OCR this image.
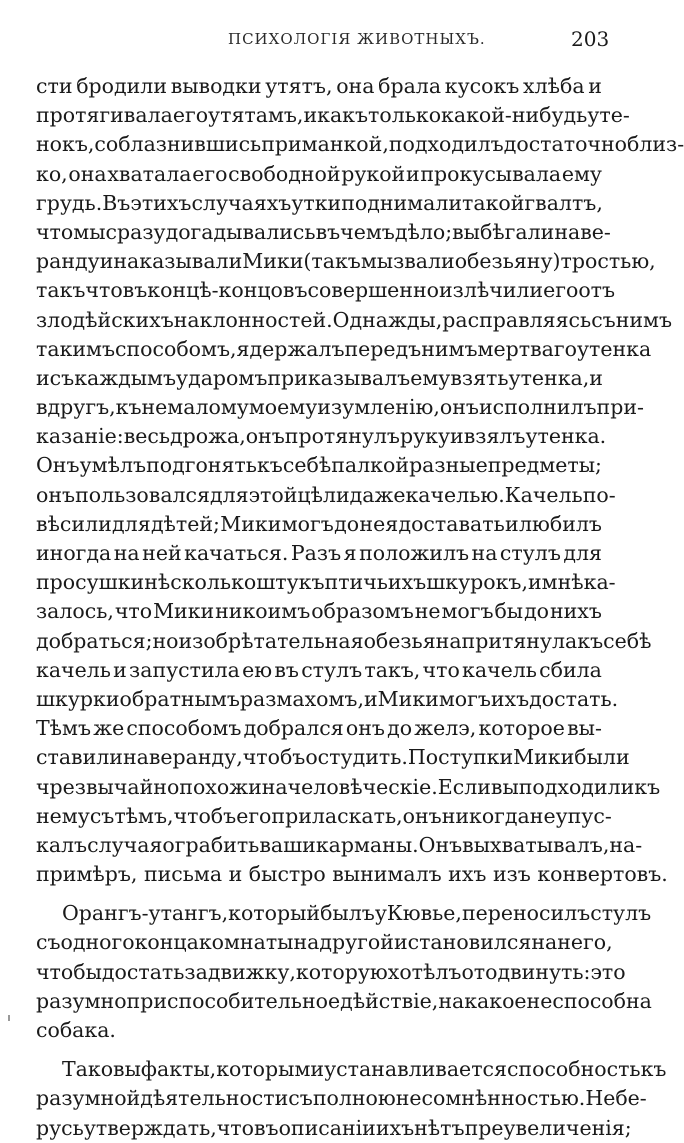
ПСИХОЛОГІЯ ЖИВОТНЫХЪ.	203
сти бродили выводки утятъ, она брала кусокъ хлѣба и
протягивала его утятамъ, и какъ только какой-нибудь уте-
нокъ, соблазнившись приманкой, подходилъ достаточно близ-
ко, она хватала его свободной рукой и прокусывала ему
грудь. Въ этихъ случаяхъ утки поднимали такой гвалтъ,
что мы сразу догадывались въ чемъ дѣло; выбѣгали на ве-
ранду и наказывали Мики (такъ мы звали обезьяну) тростью,
такъ что въ концѣ-концовъ совершенно излѣчили его отъ
злодѣйскихъ наклонностей. Однажды, расправляясь съ нимъ
такимъ способомъ, я держалъ передъ нимъ мертваго утенка
и съ каждымъ ударомъ приказывалъ ему взять утенка, и
вдругъ, къ немалому моему изумленію, онъ исполнилъ при-
казаніе: весь дрожа, онъ протянулъ руку и взялъ утенка.
Онъ умѣлъ подгонять къ себѣ палкой разные предметы;
онъ пользовался для этой цѣли даже качелью. Качель по-
вѣсили для дѣтей; Мики могъ до нея доставать и любилъ
иногда на ней качаться. Разъ я положилъ на стулъ для
просушки нѣсколько штукъ птичьихъ шкурокъ, и мнѣ ка-
залось, что Мики никоимъ образомъ не могъ бы до нихъ
добраться; но изобрѣтательная обезьяна притянула къ себѣ
качель и запустила ею въ стулъ такъ, что качель сбила
шкурки обратнымъ размахомъ, и Мики могъ ихъ достать.
Тѣмъ же способомъ добрался онъ до желэ, которое вы-
ставили на веранду, чтобъ остудить. Поступки Мики были
чрезвычайно похожи на человѣческіе. Если вы подходили къ
нему съ тѣмъ, чтобъ его приласкать, онъ никогда не упус-
калъ случая ограбить ваши карманы. Онъ выхватывалъ, на-
примѣръ, письма и быстро вынималъ ихъ изъ конвертовъ.
Орангъ-утангъ, который былъ у Кювье, переносилъ стулъ
съ одного конца комнаты на другой и становился на него,
чтобы достать задвижку, которую хотѣлъ отодвинуть: это
разумно приспособительное дѣйствіе, на какое не способна
собака.
Таковы факты, которыми устанавливается способность къ
разумной дѣятельности съ полною несомнѣнностью. Не бе-
русь утверждать, что въ описаніи ихъ нѣтъ преувеличенія;
